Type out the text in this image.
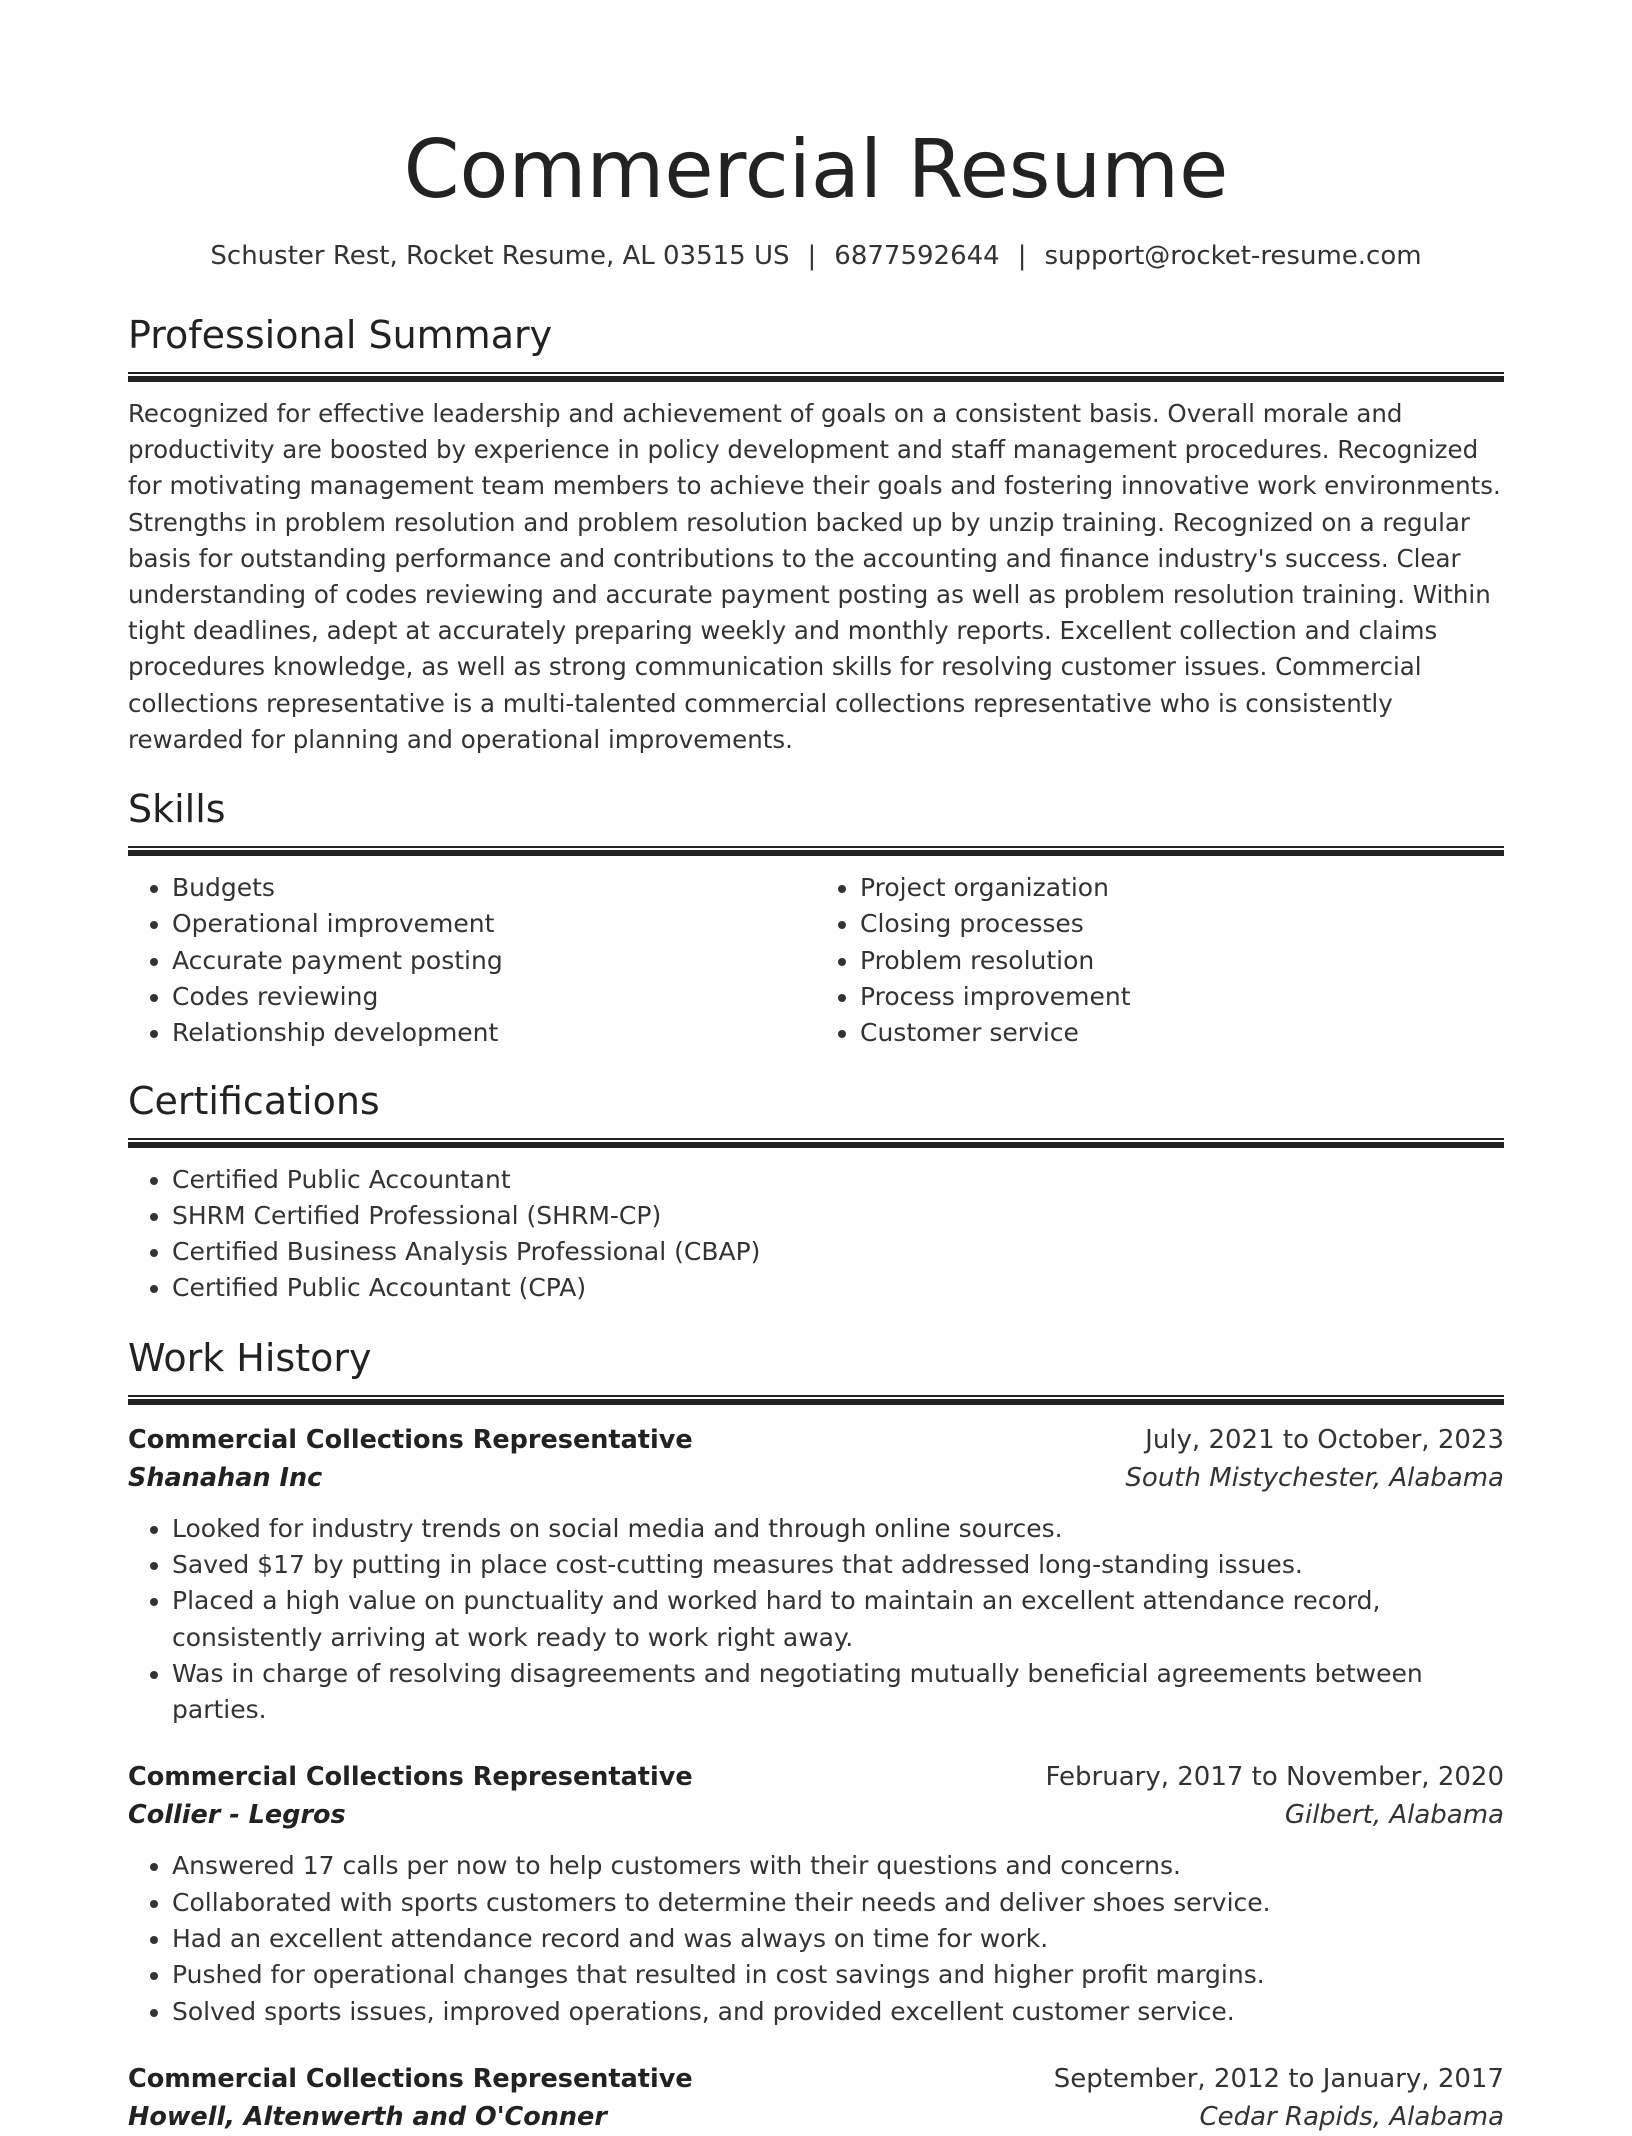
Commercial Resume
Schuster Rest, Rocket Resume, AL 03515 US | 6877592644 | support@rocket-resume.com
Professional Summary

Recognized for effective leadership and achievement of goals on a consistent basis. Overall morale and productivity are boosted by experience in policy development and staff management procedures. Recognized for motivating management team members to achieve their goals and fostering innovative work environments. Strengths in problem resolution and problem resolution backed up by unzip training. Recognized on a regular basis for outstanding performance and contributions to the accounting and finance industry's success. Clear understanding of codes reviewing and accurate payment posting as well as problem resolution training. Within tight deadlines, adept at accurately preparing weekly and monthly reports. Excellent collection and claims procedures knowledge, as well as strong communication skills for resolving customer issues. Commercial collections representative is a multi-talented commercial collections representative who is consistently rewarded for planning and operational improvements.

Skills
• Budgets
• Operational improvement
• Accurate payment posting
• Codes reviewing
• Relationship development
• Project organization
• Closing processes
• Problem resolution
• Process improvement
• Customer service
Certifications
• Certified Public Accountant
• SHRM Certified Professional (SHRM-CP)
• Certified Business Analysis Professional (CBAP)
• Certified Public Accountant (CPA)
Work History
Commercial Collections Representative	July, 2021 to October, 2023
Shanahan Inc	South Mistychester, Alabama
• Looked for industry trends on social media and through online sources.
• Saved $17 by putting in place cost-cutting measures that addressed long-standing issues.
• Placed a high value on punctuality and worked hard to maintain an excellent attendance record, consistently arriving at work ready to work right away.
• Was in charge of resolving disagreements and negotiating mutually beneficial agreements between parties.
Commercial Collections Representative	February, 2017 to November, 2020
Collier - Legros	Gilbert, Alabama
• Answered 17 calls per now to help customers with their questions and concerns.
• Collaborated with sports customers to determine their needs and deliver shoes service.
• Had an excellent attendance record and was always on time for work.
• Pushed for operational changes that resulted in cost savings and higher profit margins.
• Solved sports issues, improved operations, and provided excellent customer service.
Commercial Collections Representative	September, 2012 to January, 2017
Howell, Altenwerth and O'Conner	Cedar Rapids, Alabama
